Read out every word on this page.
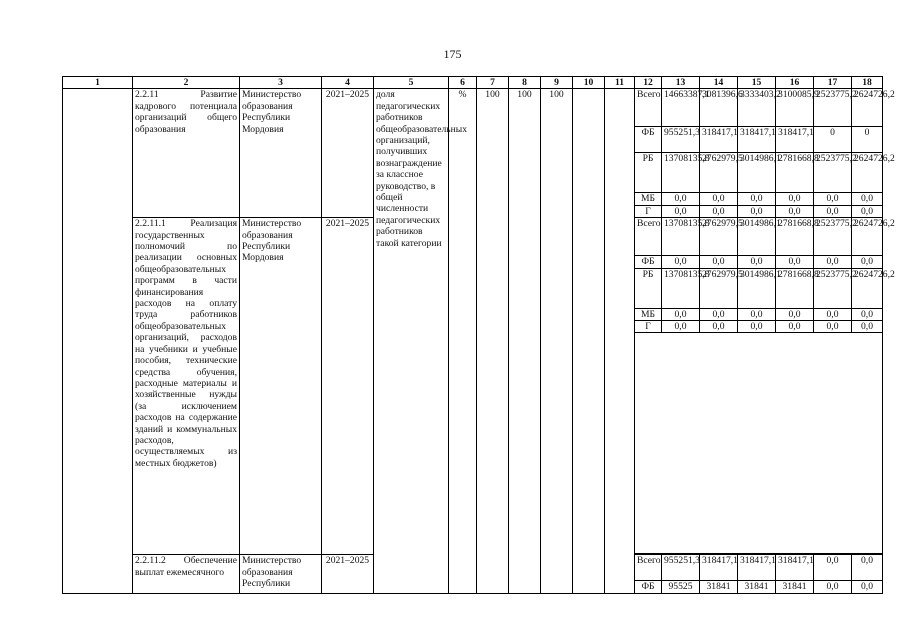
175
1	2	3	4	5	6	7	8	9	10	11	12	13	14	15	16	17	18
	2.2.11 Развитие кадрового потенциала организаций общего образования	Министерство образования Республики Мордовия	2021–2025	доля педагогических работников общеобразовательных организаций, получивших вознаграждение за классное руководство, в общей численности педагогических работников такой категории	%	100	100	100			Всего	14663387,1	3081396,6	3333403,2	3100085,9	2523775,2	2624726,2
											ФБ	955251,3	318417,1	318417,1	318417,1	0	0
											РБ	13708135,8	2762979,5	3014986,1	2781668,8	2523775,2	2624726,2
											МБ	0,0	0,0	0,0	0,0	0,0	0,0
											Г	0,0	0,0	0,0	0,0	0,0	0,0
	2.2.11.1 Реализация государственных полномочий по реализации основных общеобразовательных программ в части финансирования расходов на оплату труда работников общеобразовательных организаций, расходов на учебники и учебные пособия, технические средства обучения, расходные материалы и хозяйственные нужды (за исключением расходов на содержание зданий и коммунальных расходов, осуществляемых из местных бюджетов)	Министерство образования Республики Мордовия	2021–2025								Всего	13708135,8	2762979,5	3014986,1	2781668,8	2523775,2	2624726,2
											ФБ	0,0	0,0	0,0	0,0	0,0	0,0
											РБ	13708135,8	2762979,5	3014986,1	2781668,8	2523775,2	2624726,2
											МБ	0,0	0,0	0,0	0,0	0,0	0,0
											Г	0,0	0,0	0,0	0,0	0,0	0,0

	2.2.11.2 Обеспечение выплат ежемесячного	Министерство образования Республики	2021–2025								Всего	955251,3	318417,1	318417,1	318417,1	0,0	0,0
											ФБ	95525	31841	31841	31841	0,0	0,0
